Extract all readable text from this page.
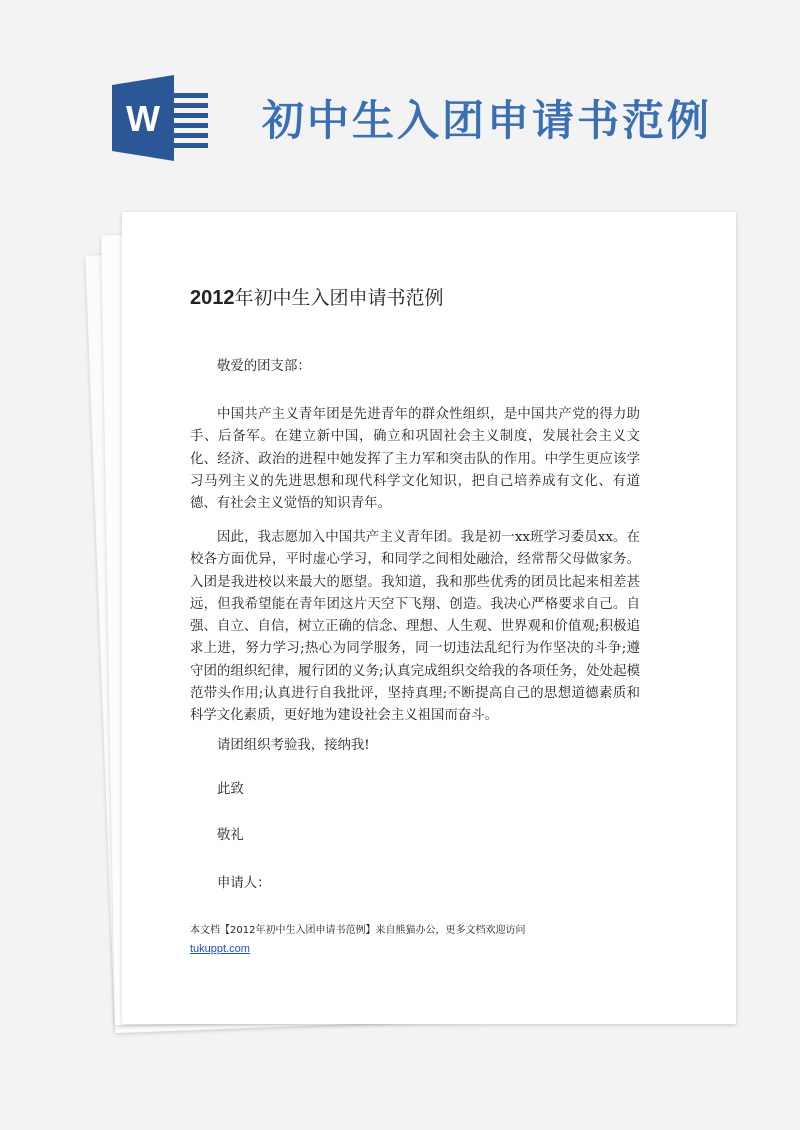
W 初中生入团申请书范例
2012年初中生入团申请书范例
敬爱的团支部：

中国共产主义青年团是先进青年的群众性组织，是中国共产党的得力助手、后备军。在建立新中国，确立和巩固社会主义制度，发展社会主义文化、经济、政治的进程中她发挥了主力军和突击队的作用。中学生更应该学习马列主义的先进思想和现代科学文化知识，把自己培养成有文化、有道德、有社会主义觉悟的知识青年。

因此，我志愿加入中国共产主义青年团。我是初一xx班学习委员xx。在校各方面优异，平时虚心学习，和同学之间相处融洽，经常帮父母做家务。入团是我进校以来最大的愿望。我知道，我和那些优秀的团员比起来相差甚远，但我希望能在青年团这片天空下飞翔、创造。我决心严格要求自己。自强、自立、自信，树立正确的信念、理想、人生观、世界观和价值观;积极追求上进，努力学习;热心为同学服务，同一切违法乱纪行为作坚决的斗争;遵守团的组织纪律，履行团的义务;认真完成组织交给我的各项任务，处处起模范带头作用;认真进行自我批评，坚持真理;不断提高自己的思想道德素质和科学文化素质，更好地为建设社会主义祖国而奋斗。

请团组织考验我，接纳我!
此致
敬礼
申请人：
本文档【2012年初中生入团申请书范例】来自熊猫办公，更多文档欢迎访问
tukuppt.com
